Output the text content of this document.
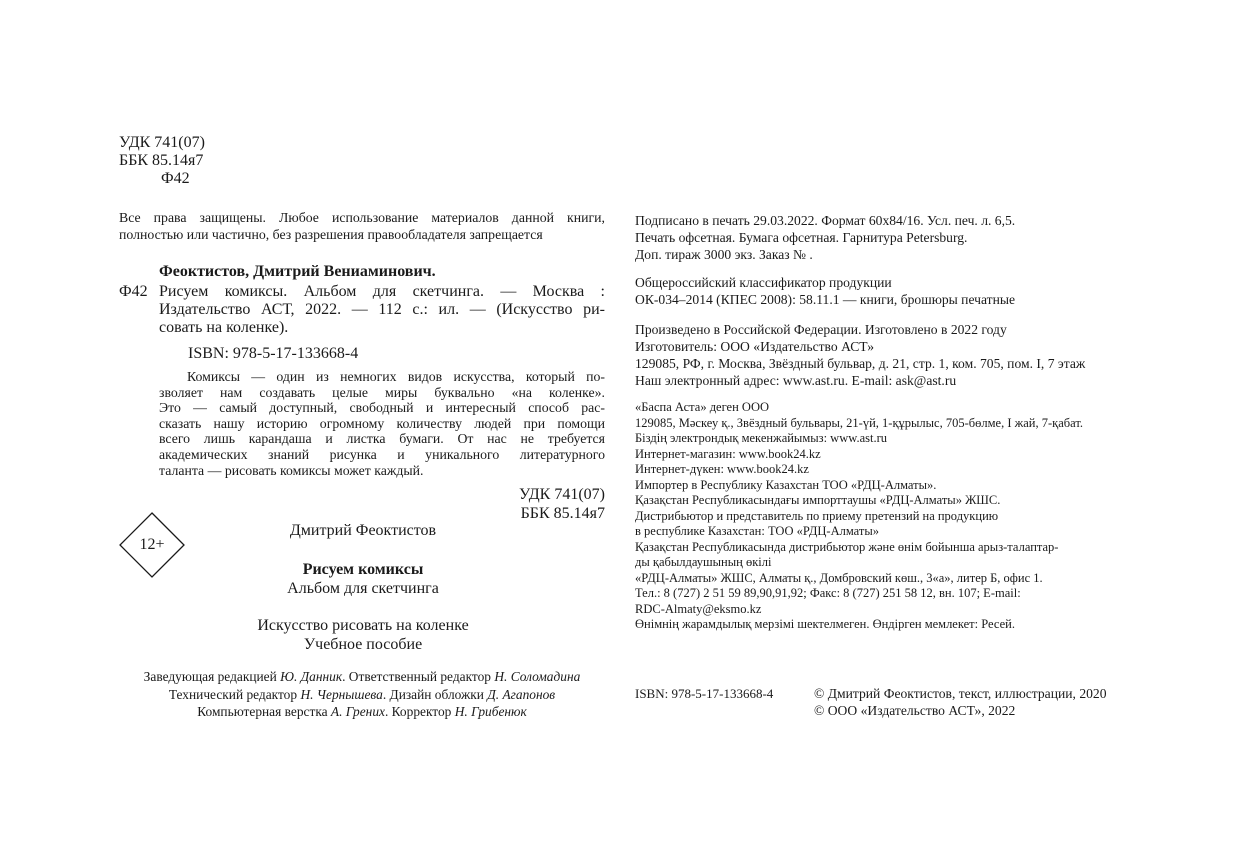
УДК 741(07)
ББК 85.14я7
Ф42
Все права защищены. Любое использование материалов данной книги, полностью или частично, без разрешения правообладателя запрещается
Феоктистов, Дмитрий Вениаминович.
Ф42 Рисуем комиксы. Альбом для скетчинга. — Москва :
Издательство АСТ, 2022. — 112 с.: ил. — (Искусство ри-
совать на коленке).
ISBN: 978-5-17-133668-4
Комиксы — один из немногих видов искусства, который по-
зволяет нам создавать целые миры буквально «на коленке».
Это — самый доступный, свободный и интересный способ рас-
сказать нашу историю огромному количеству людей при помощи
всего лишь карандаша и листка бумаги. От нас не требуется
академических знаний рисунка и уникального литературного
таланта — рисовать комиксы может каждый.
УДК 741(07)
ББК 85.14я7
12+
Дмитрий Феоктистов
Рисуем комиксы
Альбом для скетчинга
Искусство рисовать на коленке
Учебное пособие
Заведующая редакцией Ю. Данник. Ответственный редактор Н. Соломадина
Технический редактор Н. Чернышева. Дизайн обложки Д. Агапонов
Компьютерная верстка А. Грених. Корректор Н. Грибенюк
Подписано в печать 29.03.2022. Формат 60x84/16. Усл. печ. л. 6,5.
Печать офсетная. Бумага офсетная. Гарнитура Petersburg.
Доп. тираж 3000 экз. Заказ № .
Общероссийский классификатор продукции
ОК-034–2014 (КПЕС 2008): 58.11.1 — книги, брошюры печатные
Произведено в Российской Федерации. Изготовлено в 2022 году
Изготовитель: ООО «Издательство АСТ»
129085, РФ, г. Москва, Звёздный бульвар, д. 21, стр. 1, ком. 705, пом. I, 7 этаж
Наш электронный адрес: www.ast.ru. E-mail: ask@ast.ru
«Баспа Аста» деген ООО
129085, Мәскеу қ., Звёздный бульвары, 21-үй, 1-құрылыс, 705-бөлме, I жай, 7-қабат.
Біздің электрондық мекенжайымыз: www.ast.ru
Интернет-магазин: www.book24.kz
Интернет-дүкен: www.book24.kz
Импортер в Республику Казахстан ТОО «РДЦ-Алматы».
Қазақстан Республикасындағы импорттаушы «РДЦ-Алматы» ЖШС.
Дистрибьютор и представитель по приему претензий на продукцию
в республике Казахстан: ТОО «РДЦ-Алматы»
Қазақстан Республикасында дистрибьютор және өнім бойынша арыз-талаптар-
ды қабылдаушының өкілі
«РДЦ-Алматы» ЖШС, Алматы қ., Домбровский көш., 3«а», литер Б, офис 1.
Тел.: 8 (727) 2 51 59 89,90,91,92; Факс: 8 (727) 251 58 12, вн. 107; E-mail:
RDC-Almaty@eksmo.kz
Өнімнің жарамдылық мерзімі шектелмеген. Өндірген мемлекет: Ресей.
ISBN: 978-5-17-133668-4	© Дмитрий Феоктистов, текст, иллюстрации, 2020
© ООО «Издательство АСТ», 2022
